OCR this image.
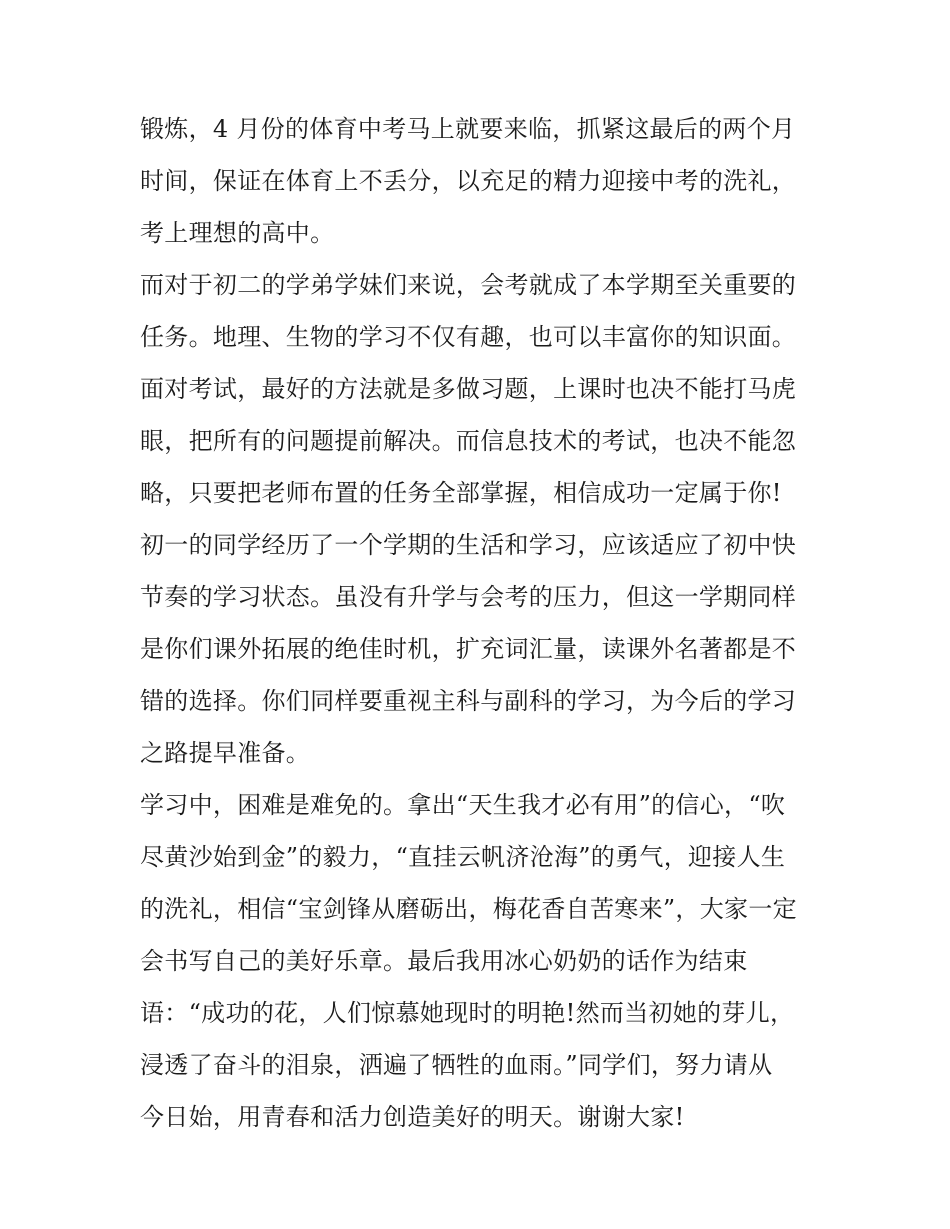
锻炼，4 月份的体育中考马上就要来临，抓紧这最后的两个月
时间，保证在体育上不丢分，以充足的精力迎接中考的洗礼，
考上理想的高中。
而对于初二的学弟学妹们来说，会考就成了本学期至关重要的
任务。地理、生物的学习不仅有趣，也可以丰富你的知识面。
面对考试，最好的方法就是多做习题，上课时也决不能打马虎
眼，把所有的问题提前解决。而信息技术的考试，也决不能忽
略，只要把老师布置的任务全部掌握，相信成功一定属于你!
初一的同学经历了一个学期的生活和学习，应该适应了初中快
节奏的学习状态。虽没有升学与会考的压力，但这一学期同样
是你们课外拓展的绝佳时机，扩充词汇量，读课外名著都是不
错的选择。你们同样要重视主科与副科的学习，为今后的学习
之路提早准备。
学习中，困难是难免的。拿出“天生我才必有用”的信心，“吹
尽黄沙始到金”的毅力，“直挂云帆济沧海”的勇气，迎接人生
的洗礼，相信“宝剑锋从磨砺出，梅花香自苦寒来”，大家一定
会书写自己的美好乐章。最后我用冰心奶奶的话作为结束
语：“成功的花，人们惊慕她现时的明艳!然而当初她的芽儿，
浸透了奋斗的泪泉，洒遍了牺牲的血雨。”同学们，努力请从
今日始，用青春和活力创造美好的明天。谢谢大家!
